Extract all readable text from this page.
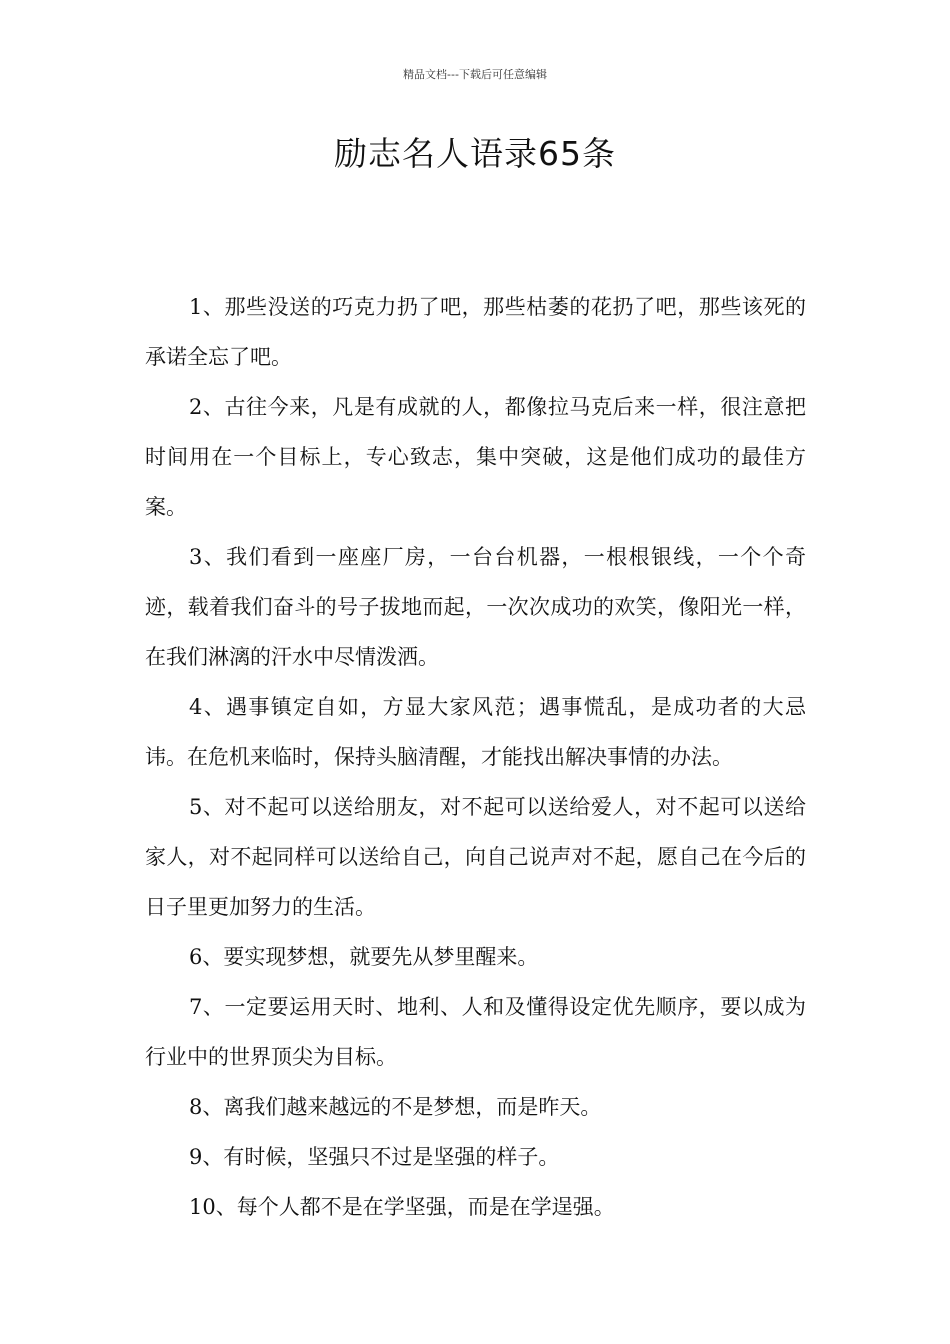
精品文档---下载后可任意编辑
励志名人语录65条

1、那些没送的巧克力扔了吧，那些枯萎的花扔了吧，那些该死的承诺全忘了吧。

2、古往今来，凡是有成就的人，都像拉马克后来一样，很注意把时间用在一个目标上，专心致志，集中突破，这是他们成功的最佳方案。

3、我们看到一座座厂房，一台台机器，一根根银线，一个个奇迹，载着我们奋斗的号子拔地而起，一次次成功的欢笑，像阳光一样，在我们淋漓的汗水中尽情泼洒。

4、遇事镇定自如，方显大家风范；遇事慌乱，是成功者的大忌讳。在危机来临时，保持头脑清醒，才能找出解决事情的办法。

5、对不起可以送给朋友，对不起可以送给爱人，对不起可以送给家人，对不起同样可以送给自己，向自己说声对不起，愿自己在今后的日子里更加努力的生活。

6、要实现梦想，就要先从梦里醒来。

7、一定要运用天时、地利、人和及懂得设定优先顺序，要以成为行业中的世界顶尖为目标。

8、离我们越来越远的不是梦想，而是昨天。

9、有时候，坚强只不过是坚强的样子。

10、每个人都不是在学坚强，而是在学逞强。
